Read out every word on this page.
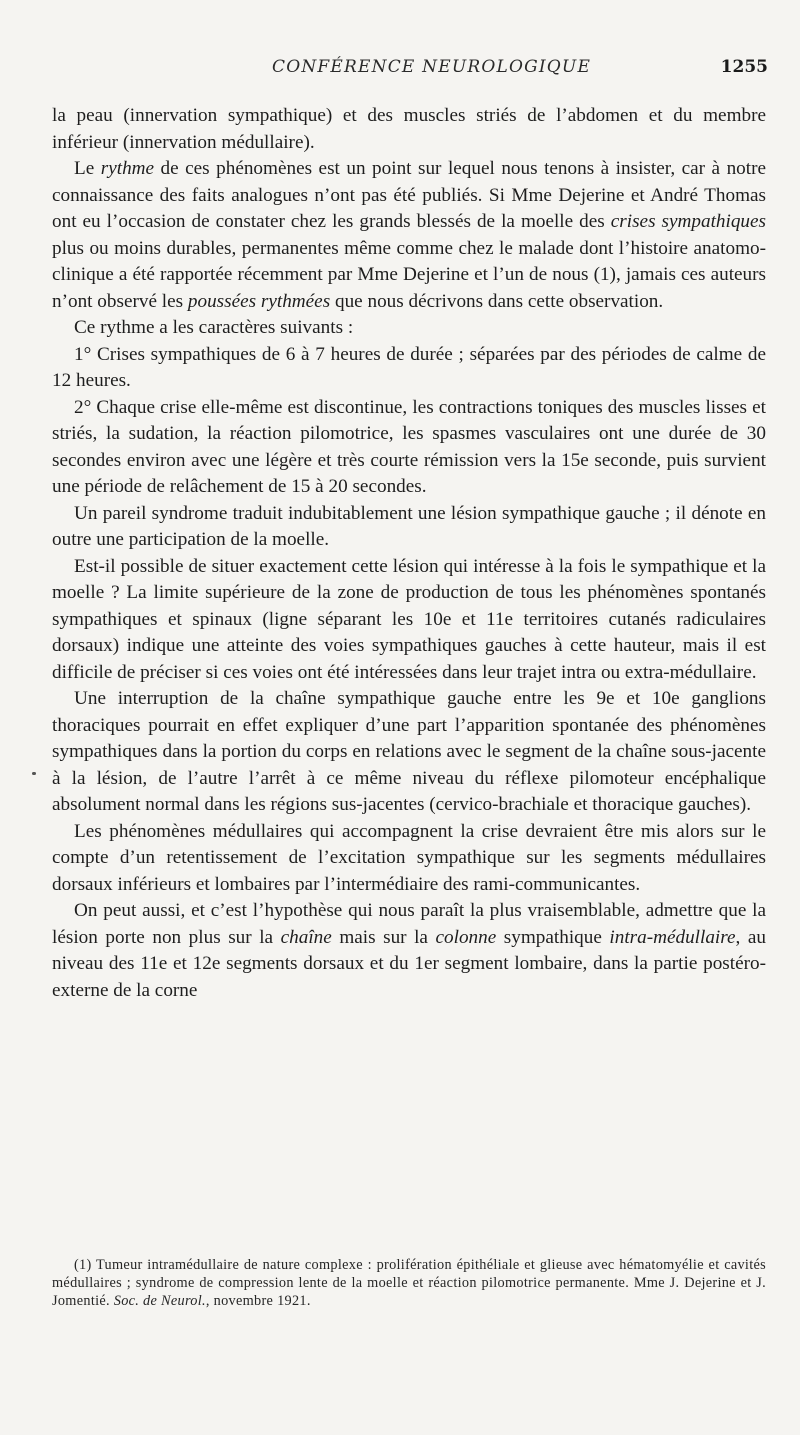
CONFÉRENCE NEUROLOGIQUE	1255

la peau (innervation sympathique) et des muscles striés de l’abdomen et du membre inférieur (innervation médullaire).

Le rythme de ces phénomènes est un point sur lequel nous tenons à insister, car à notre connaissance des faits analogues n’ont pas été publiés. Si Mme Dejerine et André Thomas ont eu l’occasion de constater chez les grands blessés de la moelle des crises sympathiques plus ou moins durables, permanentes même comme chez le malade dont l’histoire anatomo-clinique a été rapportée récemment par Mme Dejerine et l’un de nous (1), jamais ces auteurs n’ont observé les poussées rythmées que nous décrivons dans cette observation.

Ce rythme a les caractères suivants :

1° Crises sympathiques de 6 à 7 heures de durée ; séparées par des périodes de calme de 12 heures.

2° Chaque crise elle-même est discontinue, les contractions toniques des muscles lisses et striés, la sudation, la réaction pilomotrice, les spasmes vasculaires ont une durée de 30 secondes environ avec une légère et très courte rémission vers la 15e seconde, puis survient une période de relâchement de 15 à 20 secondes.

Un pareil syndrome traduit indubitablement une lésion sympathique gauche ; il dénote en outre une participation de la moelle.

Est-il possible de situer exactement cette lésion qui intéresse à la fois le sympathique et la moelle ? La limite supérieure de la zone de production de tous les phénomènes spontanés sympathiques et spinaux (ligne séparant les 10e et 11e territoires cutanés radiculaires dorsaux) indique une atteinte des voies sympathiques gauches à cette hauteur, mais il est difficile de préciser si ces voies ont été intéressées dans leur trajet intra ou extra-médullaire.

Une interruption de la chaîne sympathique gauche entre les 9e et 10e ganglions thoraciques pourrait en effet expliquer d’une part l’apparition spontanée des phénomènes sympathiques dans la portion du corps en relations avec le segment de la chaîne sous-jacente à la lésion, de l’autre l’arrêt à ce même niveau du réflexe pilomoteur encéphalique absolument normal dans les régions sus-jacentes (cervico-brachiale et thoracique gauches).

Les phénomènes médullaires qui accompagnent la crise devraient être mis alors sur le compte d’un retentissement de l’excitation sympathique sur les segments médullaires dorsaux inférieurs et lombaires par l’intermédiaire des rami-communicantes.

On peut aussi, et c’est l’hypothèse qui nous paraît la plus vraisemblable, admettre que la lésion porte non plus sur la chaîne mais sur la colonne sympathique intra-médullaire, au niveau des 11e et 12e segments dorsaux et du 1er segment lombaire, dans la partie postéro-externe de la corne

(1) Tumeur intramédullaire de nature complexe : prolifération épithéliale et glieuse avec hématomyélie et cavités médullaires ; syndrome de compression lente de la moelle et réaction pilomotrice permanente. Mme J. Dejerine et J. Jomentié. Soc. de Neurol., novembre 1921.
